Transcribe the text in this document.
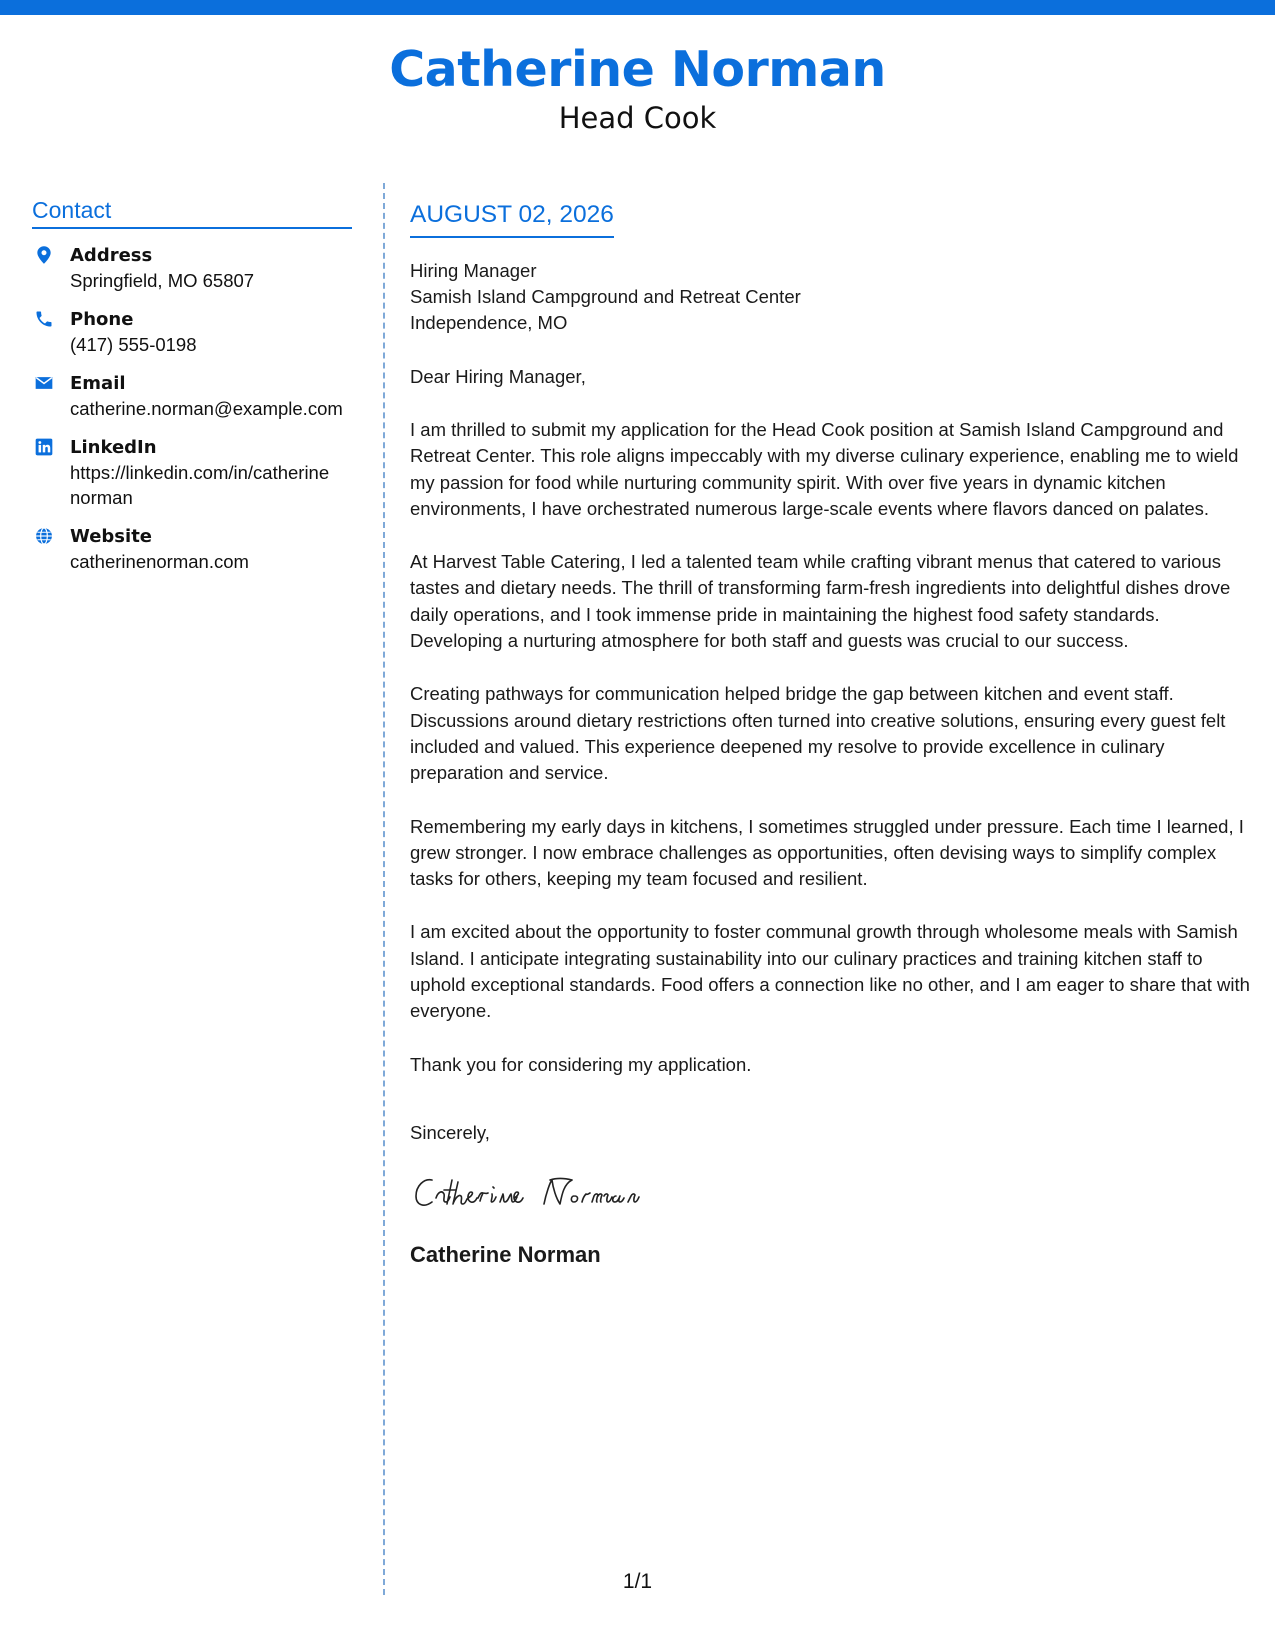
Catherine Norman
Head Cook
Contact
Address
Springfield, MO 65807
Phone
(417) 555-0198
Email
catherine.norman@example.com
LinkedIn
https://linkedin.com/in/catherine norman
Website
catherinenorman.com
AUGUST 02, 2026
Hiring Manager
Samish Island Campground and Retreat Center
Independence, MO
Dear Hiring Manager,
I am thrilled to submit my application for the Head Cook position at Samish Island Campground and Retreat Center. This role aligns impeccably with my diverse culinary experience, enabling me to wield my passion for food while nurturing community spirit. With over five years in dynamic kitchen environments, I have orchestrated numerous large-scale events where flavors danced on palates.
At Harvest Table Catering, I led a talented team while crafting vibrant menus that catered to various tastes and dietary needs. The thrill of transforming farm-fresh ingredients into delightful dishes drove daily operations, and I took immense pride in maintaining the highest food safety standards. Developing a nurturing atmosphere for both staff and guests was crucial to our success.
Creating pathways for communication helped bridge the gap between kitchen and event staff. Discussions around dietary restrictions often turned into creative solutions, ensuring every guest felt included and valued. This experience deepened my resolve to provide excellence in culinary preparation and service.
Remembering my early days in kitchens, I sometimes struggled under pressure. Each time I learned, I grew stronger. I now embrace challenges as opportunities, often devising ways to simplify complex tasks for others, keeping my team focused and resilient.
I am excited about the opportunity to foster communal growth through wholesome meals with Samish Island. I anticipate integrating sustainability into our culinary practices and training kitchen staff to uphold exceptional standards. Food offers a connection like no other, and I am eager to share that with everyone.
Thank you for considering my application.
Sincerely,
Catherine Norman
1/1
